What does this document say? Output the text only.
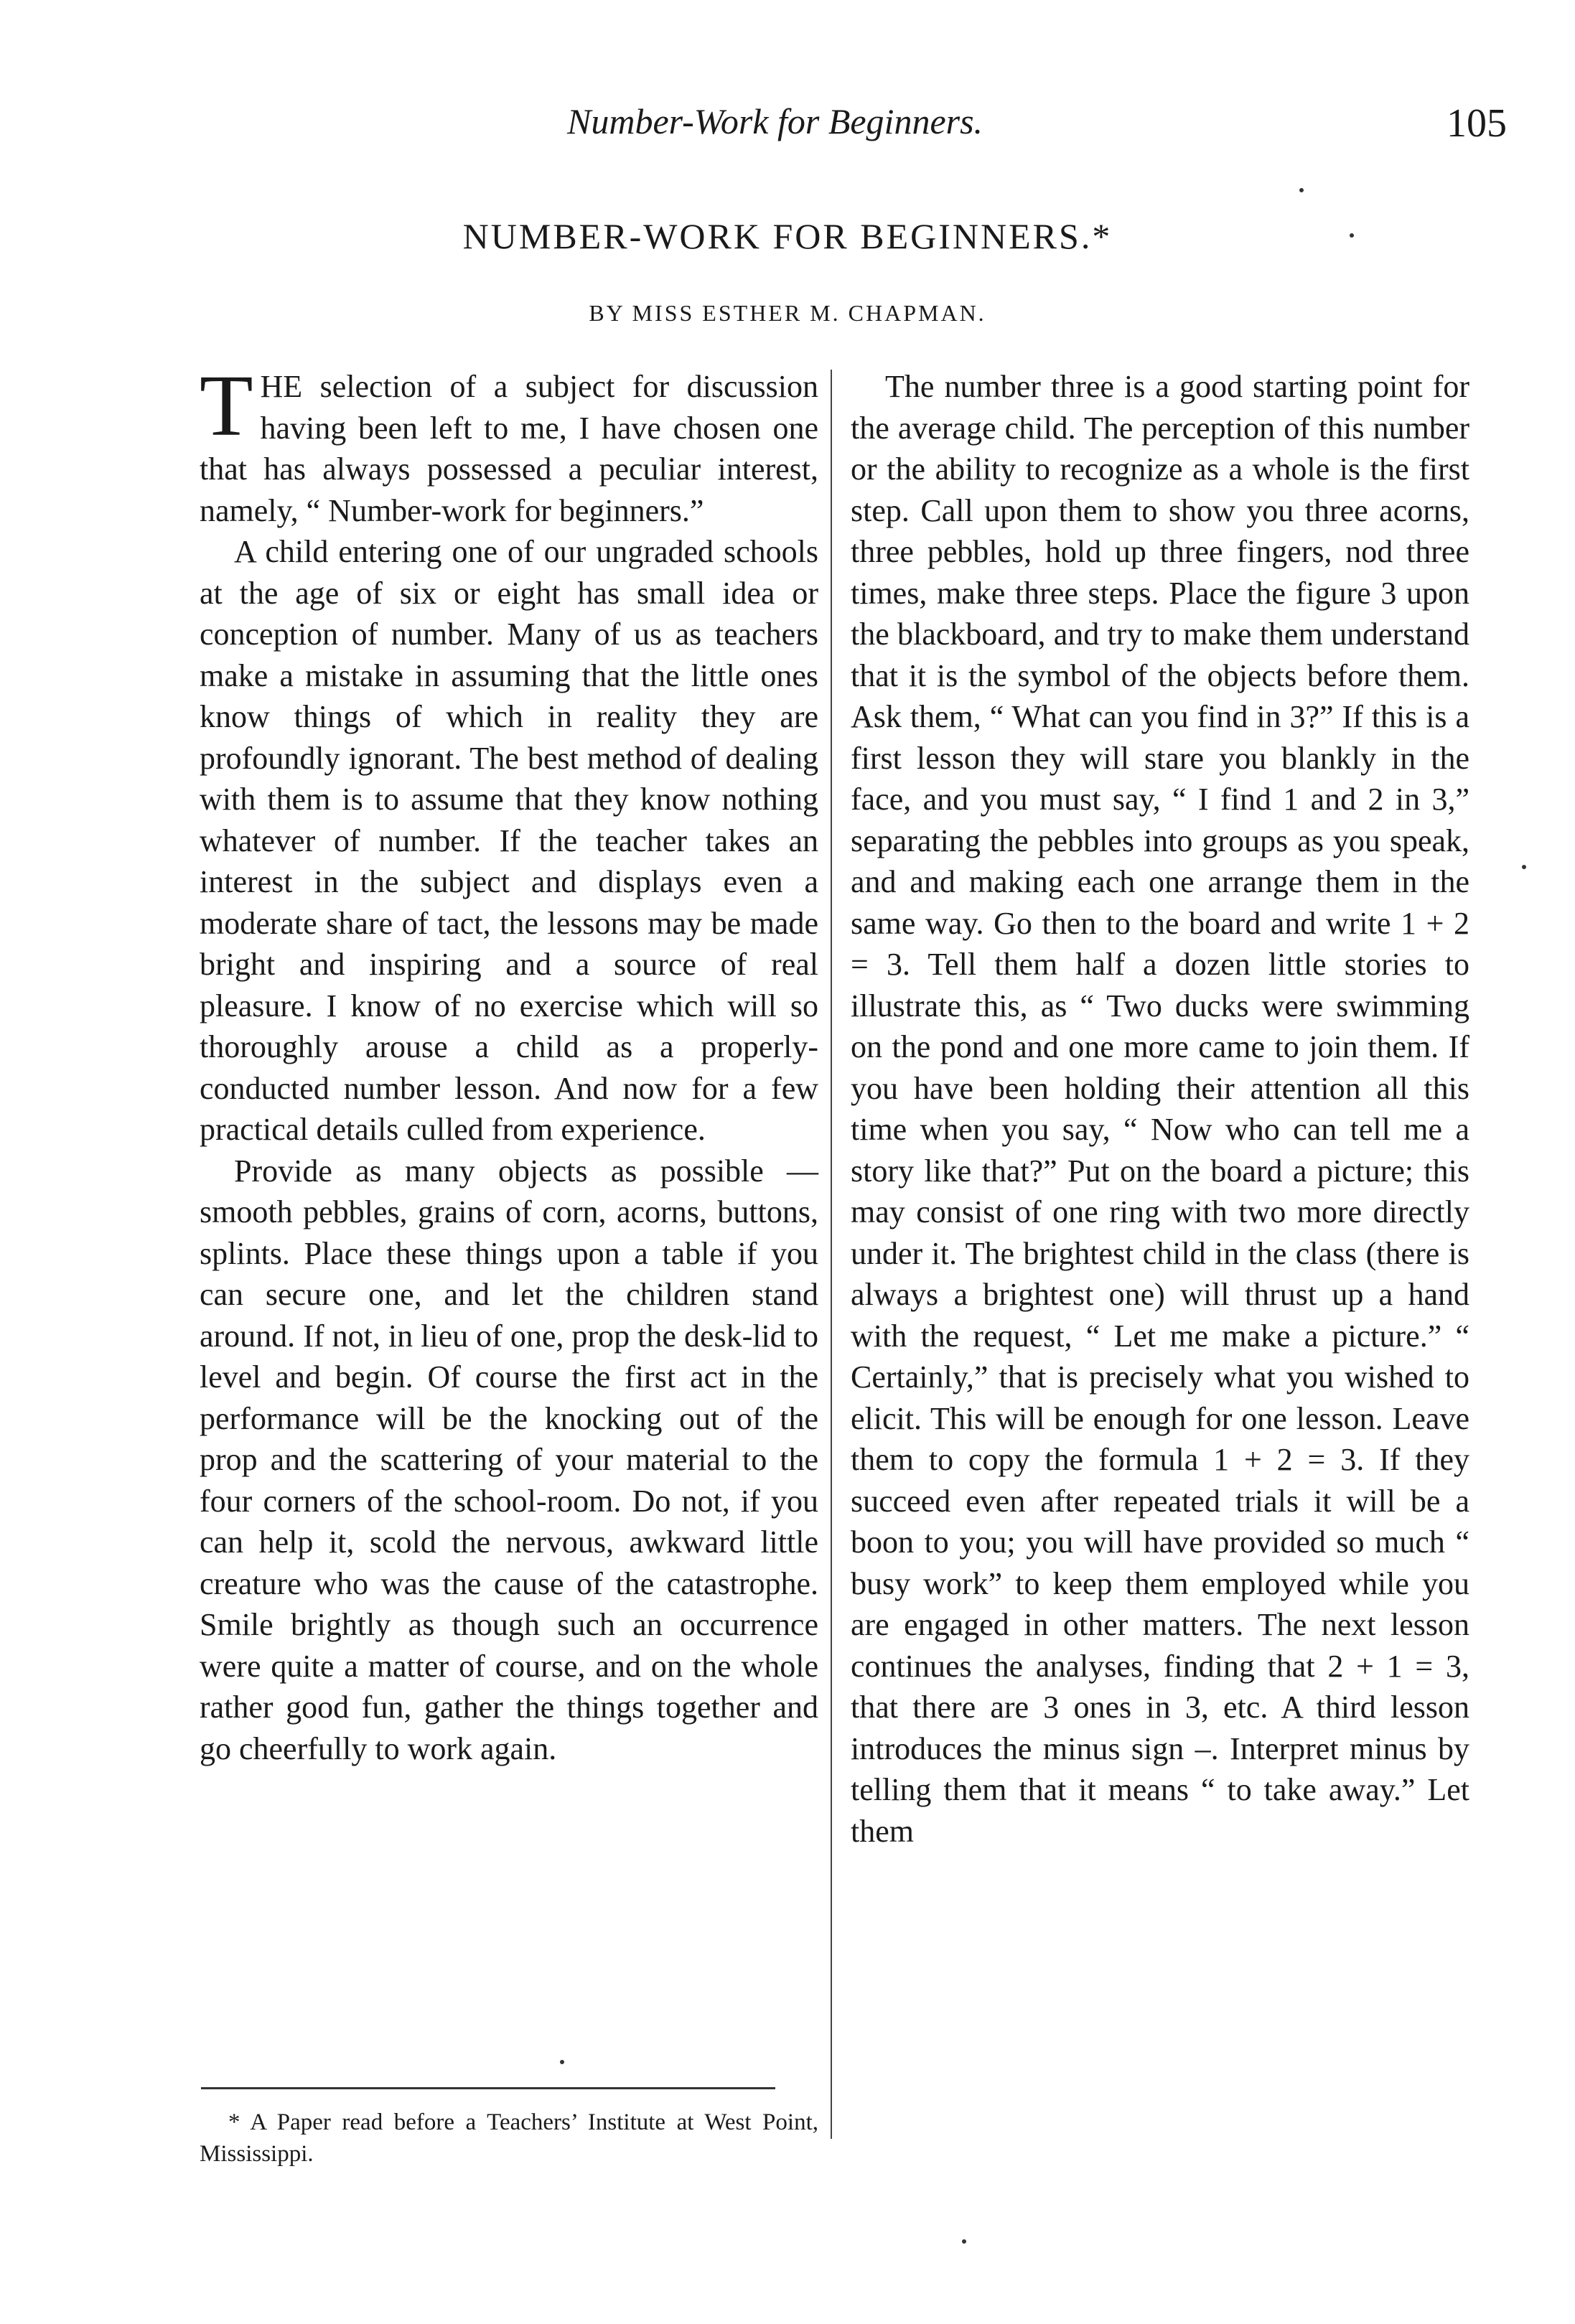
Number-Work for Beginners.	105
NUMBER-WORK FOR BEGINNERS.*
BY MISS ESTHER M. CHAPMAN.

THE selection of a subject for discussion having been left to me, I have chosen one that has always possessed a peculiar interest, namely, “ Number-work for beginners.”

A child entering one of our ungraded schools at the age of six or eight has small idea or conception of number. Many of us as teachers make a mistake in assuming that the little ones know things of which in reality they are profoundly ignorant. The best method of dealing with them is to assume that they know nothing whatever of number. If the teacher takes an interest in the subject and displays even a moderate share of tact, the lessons may be made bright and inspiring and a source of real pleasure. I know of no exercise which will so thoroughly arouse a child as a properly-conducted number lesson. And now for a few practical details culled from experience.

Provide as many objects as possible —smooth pebbles, grains of corn, acorns, buttons, splints. Place these things upon a table if you can secure one, and let the children stand around. If not, in lieu of one, prop the desk-lid to level and begin. Of course the first act in the performance will be the knocking out of the prop and the scattering of your material to the four corners of the school-room. Do not, if you can help it, scold the nervous, awkward little creature who was the cause of the catastrophe. Smile brightly as though such an occurrence were quite a matter of course, and on the whole rather good fun, gather the things together and go cheerfully to work again.

The number three is a good starting point for the average child. The perception of this number or the ability to recognize as a whole is the first step. Call upon them to show you three acorns, three pebbles, hold up three fingers, nod three times, make three steps. Place the figure 3 upon the blackboard, and try to make them understand that it is the symbol of the objects before them. Ask them, “ What can you find in 3?” If this is a first lesson they will stare you blankly in the face, and you must say, “ I find 1 and 2 in 3,” separating the pebbles into groups as you speak, and and making each one arrange them in the same way. Go then to the board and write 1 + 2 = 3. Tell them half a dozen little stories to illustrate this, as “ Two ducks were swimming on the pond and one more came to join them. If you have been holding their attention all this time when you say, “ Now who can tell me a story like that?” Put on the board a picture; this may consist of one ring with two more directly under it. The brightest child in the class (there is always a brightest one) will thrust up a hand with the request, “ Let me make a picture.” “ Certainly,” that is precisely what you wished to elicit. This will be enough for one lesson. Leave them to copy the formula 1 + 2 = 3. If they succeed even after repeated trials it will be a boon to you; you will have provided so much “ busy work” to keep them employed while you are engaged in other matters. The next lesson continues the analyses, finding that 2 + 1 = 3, that there are 3 ones in 3, etc. A third lesson introduces the minus sign –. Interpret minus by telling them that it means “ to take away.” Let them

* A Paper read before a Teachers’ Institute at West Point, Mississippi.
